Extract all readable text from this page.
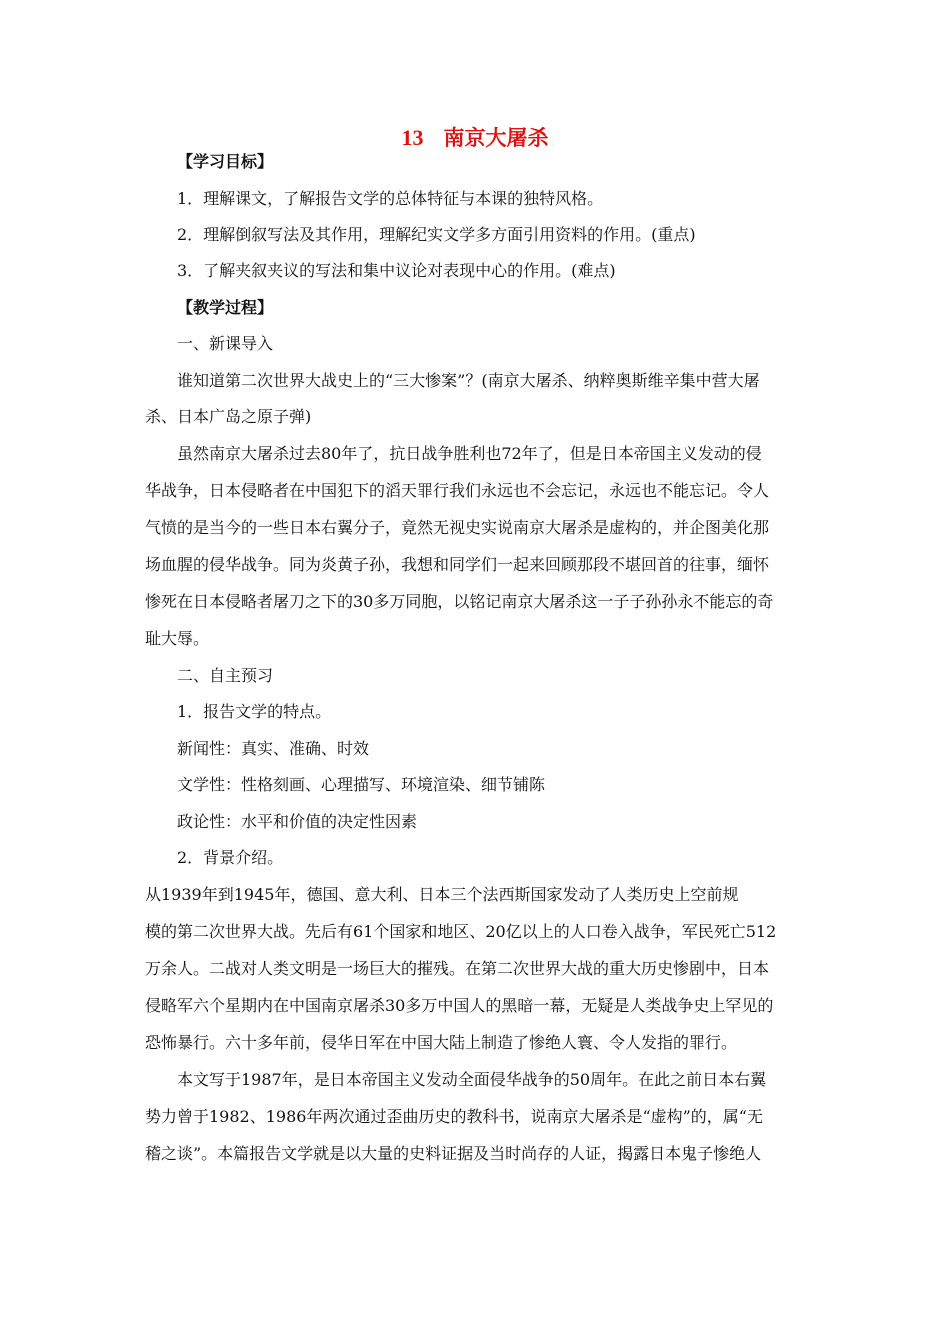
13 南京大屠杀
【学习目标】
1．理解课文，了解报告文学的总体特征与本课的独特风格。
2．理解倒叙写法及其作用，理解纪实文学多方面引用资料的作用。(重点)
3．了解夹叙夹议的写法和集中议论对表现中心的作用。(难点)
【教学过程】
一、新课导入
谁知道第二次世界大战史上的“三大惨案”？(南京大屠杀、纳粹奥斯维辛集中营大屠
杀、日本广岛之原子弹)
虽然南京大屠杀过去80年了，抗日战争胜利也72年了，但是日本帝国主义发动的侵
华战争，日本侵略者在中国犯下的滔天罪行我们永远也不会忘记，永远也不能忘记。令人
气愤的是当今的一些日本右翼分子，竟然无视史实说南京大屠杀是虚构的，并企图美化那
场血腥的侵华战争。同为炎黄子孙，我想和同学们一起来回顾那段不堪回首的往事，缅怀
惨死在日本侵略者屠刀之下的30多万同胞，以铭记南京大屠杀这一子子孙孙永不能忘的奇
耻大辱。
二、自主预习
1．报告文学的特点。
新闻性：真实、准确、时效
文学性：性格刻画、心理描写、环境渲染、细节铺陈
政论性：水平和价值的决定性因素
2．背景介绍。
从1939年到1945年，德国、意大利、日本三个法西斯国家发动了人类历史上空前规
模的第二次世界大战。先后有61个国家和地区、20亿以上的人口卷入战争，军民死亡512
万余人。二战对人类文明是一场巨大的摧残。在第二次世界大战的重大历史惨剧中，日本
侵略军六个星期内在中国南京屠杀30多万中国人的黑暗一幕，无疑是人类战争史上罕见的
恐怖暴行。六十多年前，侵华日军在中国大陆上制造了惨绝人寰、令人发指的罪行。
本文写于1987年，是日本帝国主义发动全面侵华战争的50周年。在此之前日本右翼
势力曾于1982、1986年两次通过歪曲历史的教科书，说南京大屠杀是“虚构”的，属“无
稽之谈”。本篇报告文学就是以大量的史料证据及当时尚存的人证，揭露日本鬼子惨绝人
